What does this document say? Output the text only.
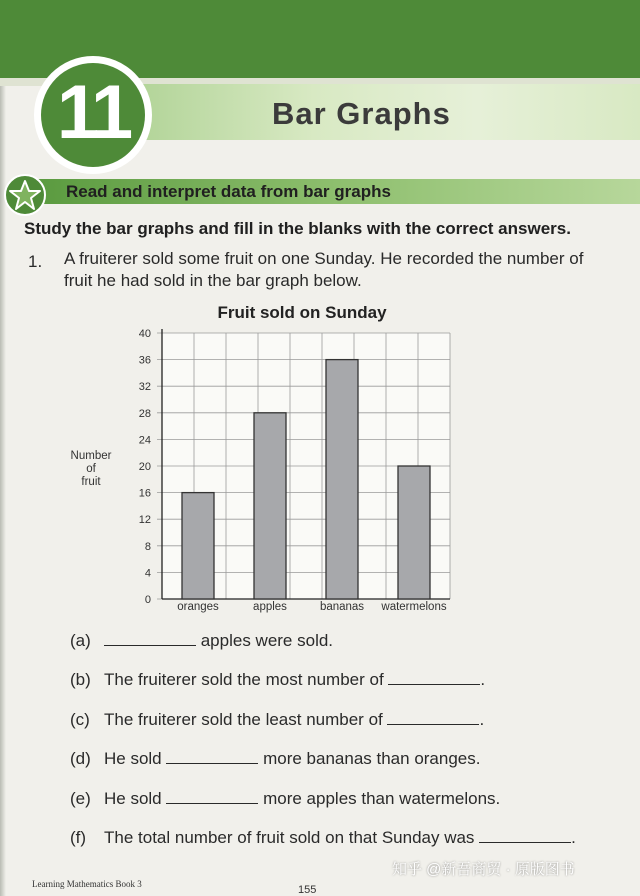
Bar Graphs
11
Read and interpret data from bar graphs
Study the bar graphs and fill in the blanks with the correct answers.
1. A fruiterer sold some fruit on one Sunday. He recorded the number of fruit he had sold in the bar graph below.
Fruit sold on Sunday
0
4
8
12
16
20
24
28
32
36
40
oranges	apples	bananas watermelons
Number
of
fruit
(a)	apples were sold.
(b) The fruiterer sold the most number of	.
(c) The fruiterer sold the least number of	.
(d) He sold	more bananas than oranges.
(e) He sold	more apples than watermelons.
(f) The total number of fruit sold on that Sunday was	.
Learning Mathematics Book 3	155
知乎 @新吾商贸 · 原版图书
